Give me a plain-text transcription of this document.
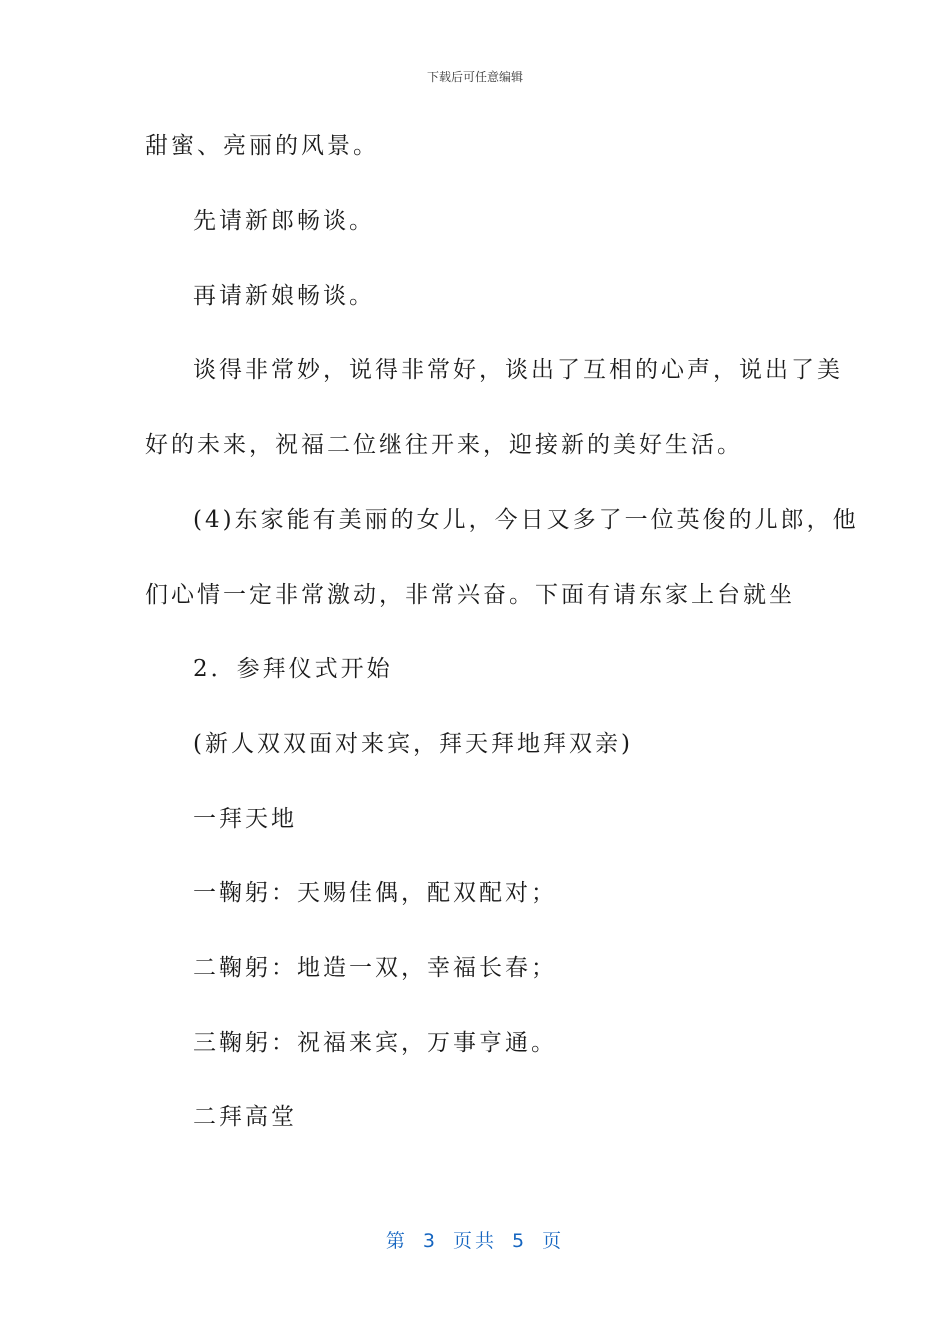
下载后可任意编辑
甜蜜、亮丽的风景。
先请新郎畅谈。
再请新娘畅谈。
谈得非常妙，说得非常好，谈出了互相的心声，说出了美
好的未来，祝福二位继往开来，迎接新的美好生活。
(4)东家能有美丽的女儿，今日又多了一位英俊的儿郎，他
们心情一定非常激动，非常兴奋。下面有请东家上台就坐
2．参拜仪式开始
(新人双双面对来宾，拜天拜地拜双亲)
一拜天地
一鞠躬：天赐佳偶，配双配对；
二鞠躬：地造一双，幸福长春；
三鞠躬：祝福来宾，万事亨通。
二拜高堂
第 3 页共 5 页
